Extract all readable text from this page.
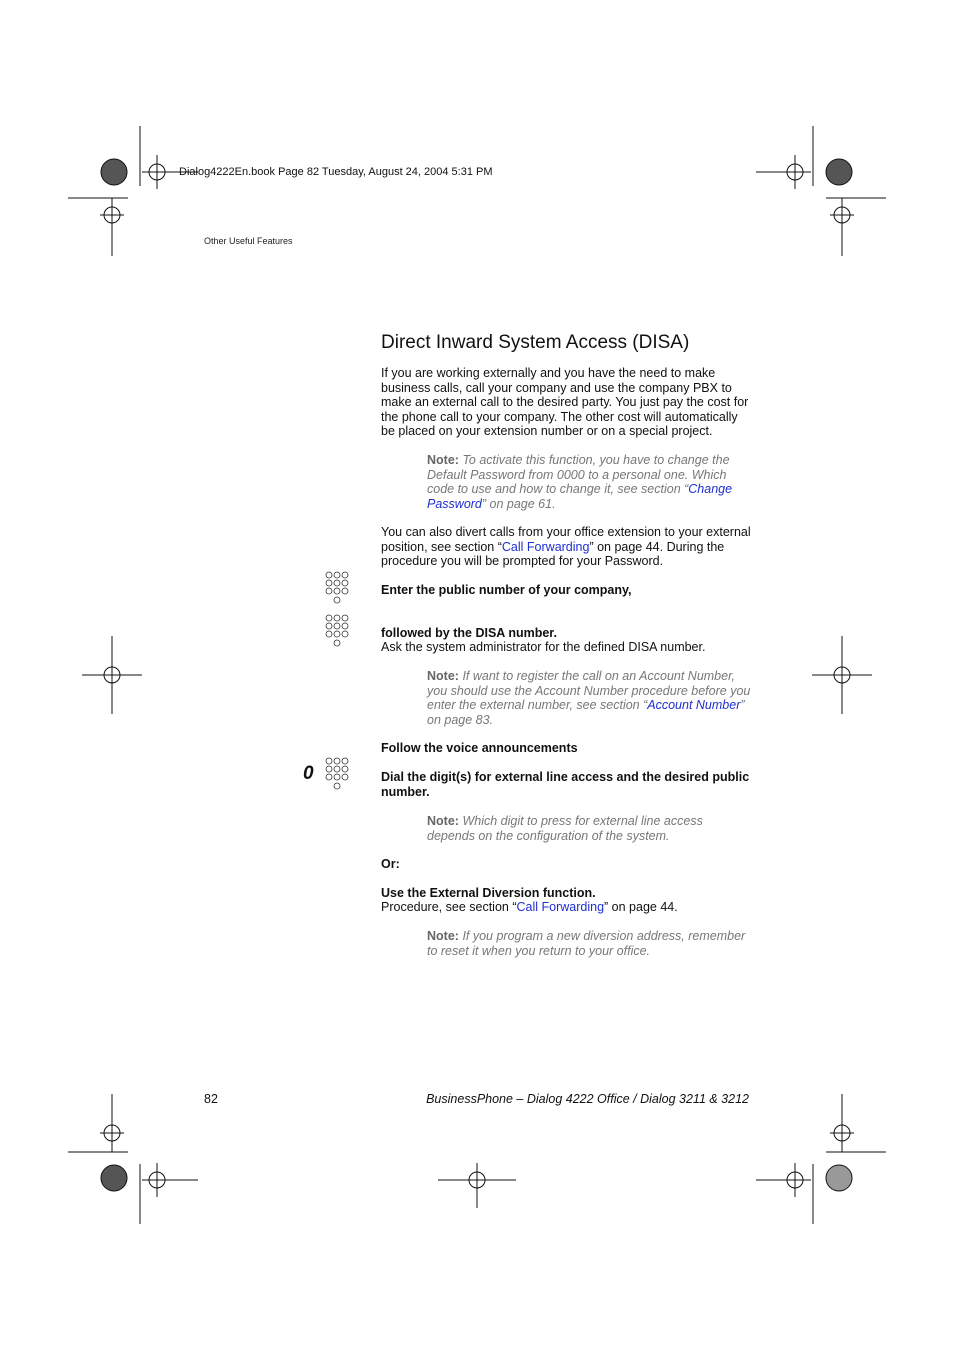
Dialog4222En.book Page 82 Tuesday, August 24, 2004 5:31 PM
Other Useful Features
Direct Inward System Access (DISA)

If you are working externally and you have the need to make business calls, call your company and use the company PBX to make an external call to the desired party. You just pay the cost for the phone call to your company. The other cost will automatically be placed on your extension number or on a special project.

Note: To activate this function, you have to change the Default Password from 0000 to a personal one. Which code to use and how to change it, see section “Change Password” on page 61.

You can also divert calls from your office extension to your external position, see section “Call Forwarding” on page 44. During the procedure you will be prompted for your Password.

Enter the public number of your company,
followed by the DISA number.
Ask the system administrator for the defined DISA number.

Note: If want to register the call on an Account Number, you should use the Account Number procedure before you enter the external number, see section “Account Number” on page 83.

Follow the voice announcements
0	Dial the digit(s) for external line access and the desired public number.

Note: Which digit to press for external line access depends on the configuration of the system.

Or:
Use the External Diversion function.

Procedure, see section “Call Forwarding” on page 44.

Note: If you program a new diversion address, remember to reset it when you return to your office.

82	BusinessPhone – Dialog 4222 Office / Dialog 3211 & 3212
